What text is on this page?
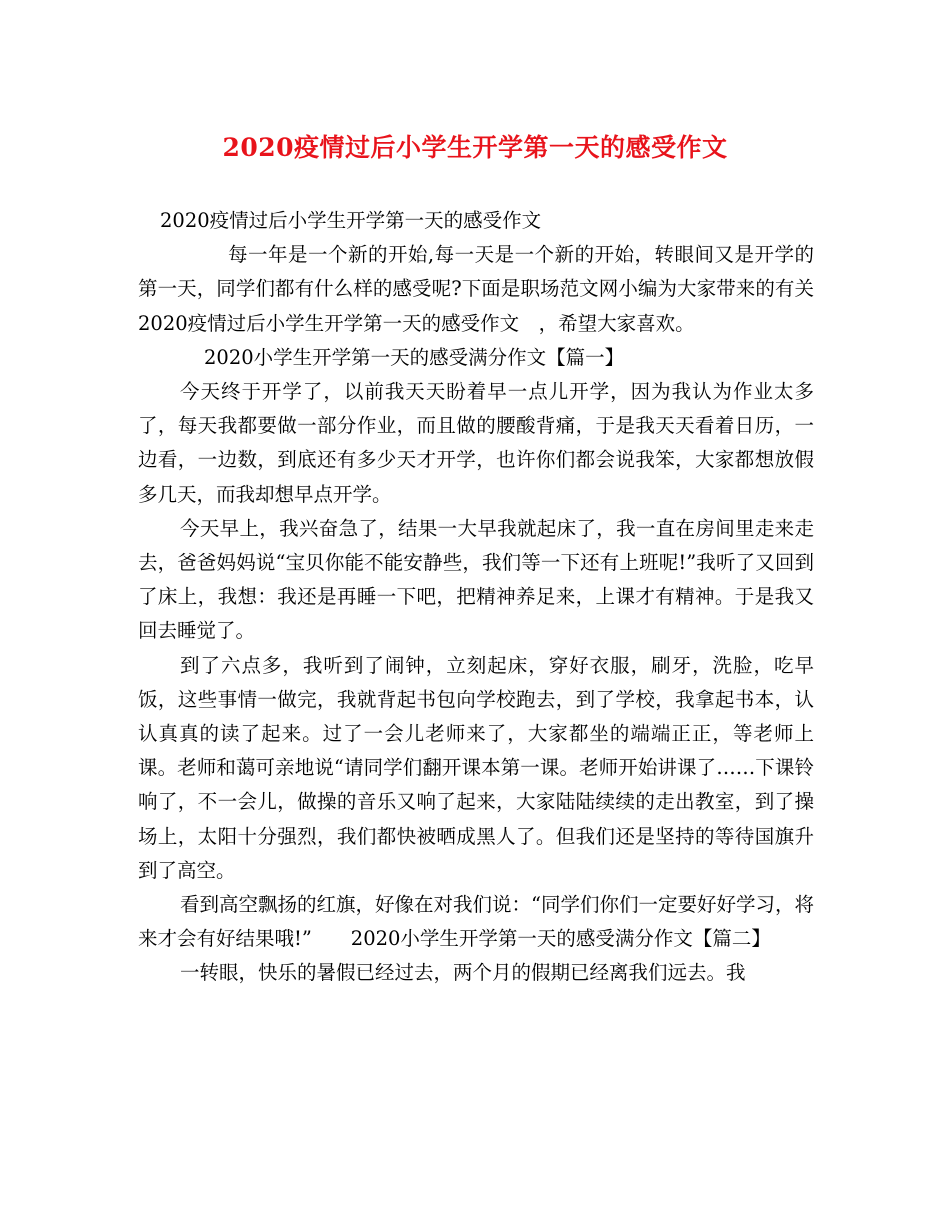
2020疫情过后小学生开学第一天的感受作文

2020疫情过后小学生开学第一天的感受作文

每一年是一个新的开始,每一天是一个新的开始，转眼间又是开学的第一天，同学们都有什么样的感受呢?下面是职场范文网小编为大家带来的有关　2020疫情过后小学生开学第一天的感受作文　，希望大家喜欢。

2020小学生开学第一天的感受满分作文【篇一】

今天终于开学了，以前我天天盼着早一点儿开学，因为我认为作业太多了，每天我都要做一部分作业，而且做的腰酸背痛，于是我天天看着日历，一边看，一边数，到底还有多少天才开学，也许你们都会说我笨，大家都想放假多几天，而我却想早点开学。

今天早上，我兴奋急了，结果一大早我就起床了，我一直在房间里走来走去，爸爸妈妈说“宝贝你能不能安静些，我们等一下还有上班呢!”我听了又回到了床上，我想：我还是再睡一下吧，把精神养足来，上课才有精神。于是我又回去睡觉了。

到了六点多，我听到了闹钟，立刻起床，穿好衣服，刷牙，洗脸，吃早饭，这些事情一做完，我就背起书包向学校跑去，到了学校，我拿起书本，认认真真的读了起来。过了一会儿老师来了，大家都坐的端端正正，等老师上课。老师和蔼可亲地说“请同学们翻开课本第一课。老师开始讲课了……下课铃响了，不一会儿，做操的音乐又响了起来，大家陆陆续续的走出教室，到了操场上，太阳十分强烈，我们都快被晒成黑人了。但我们还是坚持的等待国旗升到了高空。

看到高空飘扬的红旗，好像在对我们说：“同学们你们一定要好好学习，将来才会有好结果哦!”　　2020小学生开学第一天的感受满分作文【篇二】

一转眼，快乐的暑假已经过去，两个月的假期已经离我们远去。我
